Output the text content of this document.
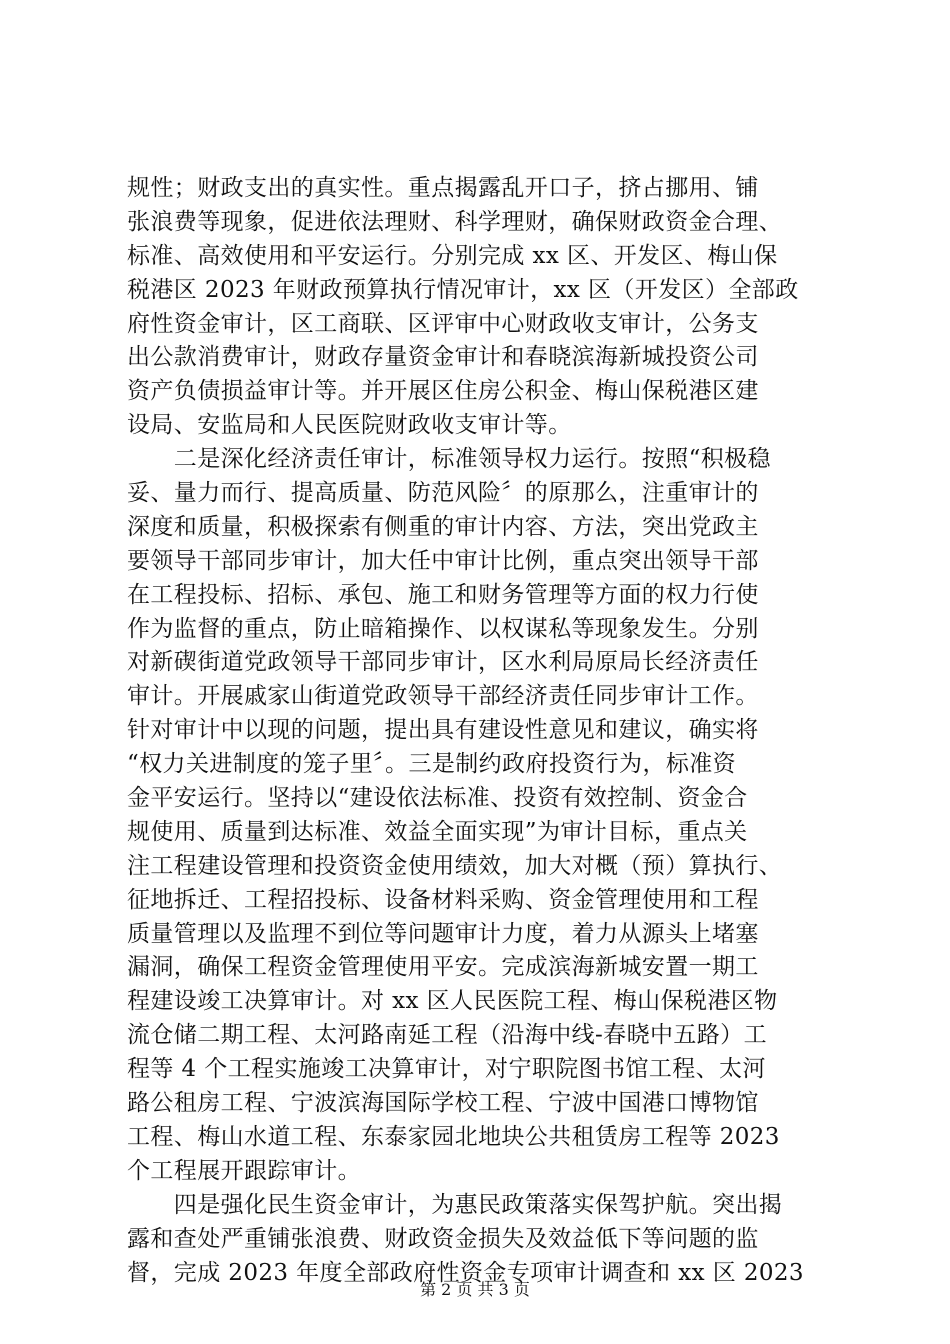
规性；财政支出的真实性。重点揭露乱开口子，挤占挪用、铺
张浪费等现象，促进依法理财、科学理财，确保财政资金合理、
标准、高效使用和平安运行。分别完成 xx 区、开发区、梅山保
税港区 2023 年财政预算执行情况审计，xx 区（开发区）全部政
府性资金审计，区工商联、区评审中心财政收支审计，公务支
出公款消费审计，财政存量资金审计和春晓滨海新城投资公司
资产负债损益审计等。并开展区住房公积金、梅山保税港区建
设局、安监局和人民医院财政收支审计等。
　　二是深化经济责任审计，标准领导权力运行。按照“积极稳
妥、量力而行、提高质量、防范风险〞的原那么，注重审计的
深度和质量，积极探索有侧重的审计内容、方法，突出党政主
要领导干部同步审计，加大任中审计比例，重点突出领导干部
在工程投标、招标、承包、施工和财务管理等方面的权力行使
作为监督的重点，防止暗箱操作、以权谋私等现象发生。分别
对新碶街道党政领导干部同步审计，区水利局原局长经济责任
审计。开展戚家山街道党政领导干部经济责任同步审计工作。
针对审计中以现的问题，提出具有建设性意见和建议，确实将
“权力关进制度的笼子里〞。三是制约政府投资行为，标准资
金平安运行。坚持以“建设依法标准、投资有效控制、资金合
规使用、质量到达标准、效益全面实现”为审计目标，重点关
注工程建设管理和投资资金使用绩效，加大对概（预）算执行、
征地拆迁、工程招投标、设备材料采购、资金管理使用和工程
质量管理以及监理不到位等问题审计力度，着力从源头上堵塞
漏洞，确保工程资金管理使用平安。完成滨海新城安置一期工
程建设竣工决算审计。对 xx 区人民医院工程、梅山保税港区物
流仓储二期工程、太河路南延工程（沿海中线-春晓中五路）工
程等 4 个工程实施竣工决算审计，对宁职院图书馆工程、太河
路公租房工程、宁波滨海国际学校工程、宁波中国港口博物馆
工程、梅山水道工程、东泰家园北地块公共租赁房工程等 2023
个工程展开跟踪审计。
　　四是强化民生资金审计，为惠民政策落实保驾护航。突出揭
露和查处严重铺张浪费、财政资金损失及效益低下等问题的监
督，完成 2023 年度全部政府性资金专项审计调查和 xx 区 2023
第 2 页 共 3 页
